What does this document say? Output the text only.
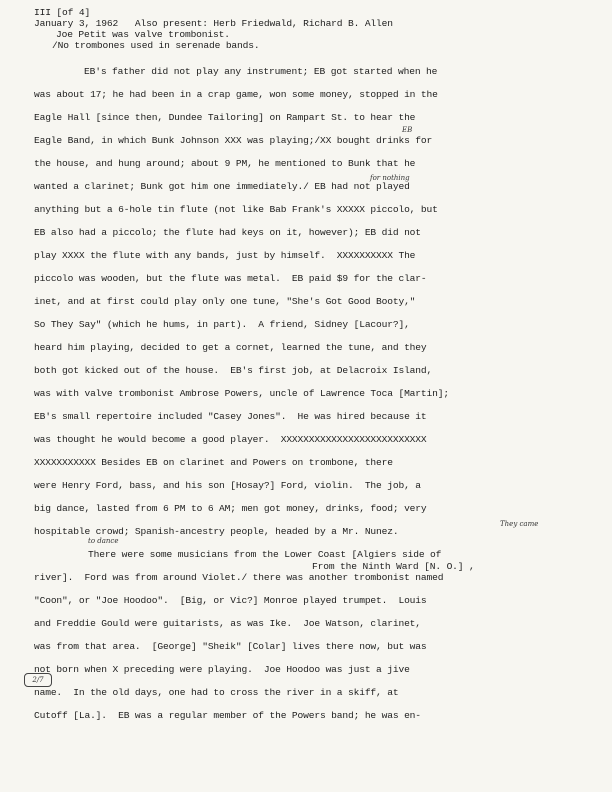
III [of 4]
January 3, 1962   Also present: Herb Friedwald, Richard B. Allen
Joe Petit was valve trombonist.
/No trombones used in serenade bands.
EB's father did not play any instrument; EB got started when he
was about 17; he had been in a crap game, won some money, stopped in the
Eagle Hall [since then, Dundee Tailoring] on Rampart St. to hear the
EB
Eagle Band, in which Bunk Johnson XXX was playing;/XX bought drinks for
the house, and hung around; about 9 PM, he mentioned to Bunk that he
for nothing
wanted a clarinet; Bunk got him one immediately./ EB had not played
anything but a 6-hole tin flute (not like Bab Frank's XXXXX piccolo, but
EB also had a piccolo; the flute had keys on it, however); EB did not
play XXXX the flute with any bands, just by himself.  XXXXXXXXXX The
piccolo was wooden, but the flute was metal.  EB paid $9 for the clar-
inet, and at first could play only one tune, "She's Got Good Booty,"
So They Say" (which he hums, in part).  A friend, Sidney [Lacour?],
heard him playing, decided to get a cornet, learned the tune, and they
both got kicked out of the house.  EB's first job, at Delacroix Island,
was with valve trombonist Ambrose Powers, uncle of Lawrence Toca [Martin];
EB's small repertoire included "Casey Jones".  He was hired because it
was thought he would become a good player.  XXXXXXXXXXXXXXXXXXXXXXXXXX
XXXXXXXXXXX Besides EB on clarinet and Powers on trombone, there
were Henry Ford, bass, and his son [Hosay?] Ford, violin.  The job, a
big dance, lasted from 6 PM to 6 AM; men got money, drinks, food; very
hospitable crowd; Spanish-ancestry people, headed by a Mr. Nunez.
They came
to dance
There were some musicians from the Lower Coast [Algiers side of
From the Ninth Ward [N. O.] ,
river].  Ford was from around Violet./ there was another trombonist named
"Coon", or "Joe Hoodoo".  [Big, or Vic?] Monroe played trumpet.  Louis
and Freddie Gould were guitarists, as was Ike.  Joe Watson, clarinet,
was from that area.  [George] "Sheik" [Colar] lives there now, but was
not born when X preceding were playing.  Joe Hoodoo was just a jive
2/7
name.  In the old days, one had to cross the river in a skiff, at
Cutoff [La.].  EB was a regular member of the Powers band; he was en-
